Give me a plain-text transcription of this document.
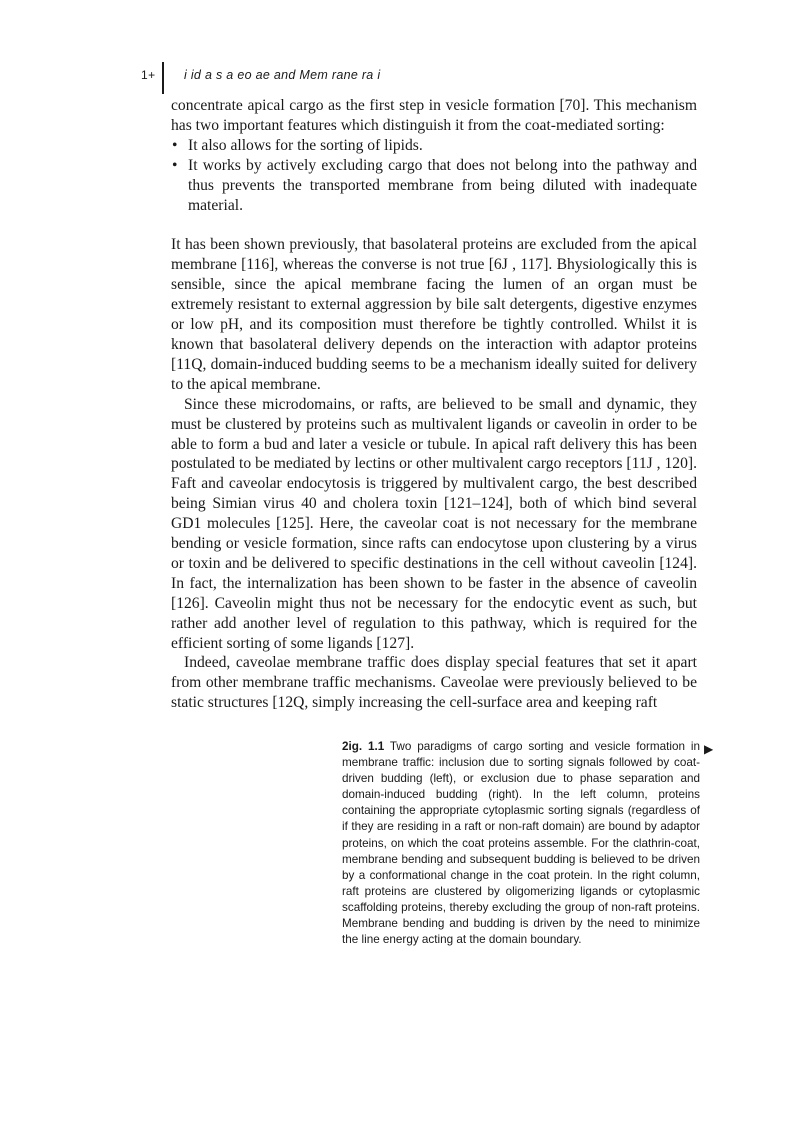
1+ i id a s a eo ae and Mem rane ra i

concentrate apical cargo as the first step in vesicle formation [70]. This mechanism has two important features which distinguish it from the coat-mediated sorting:

• It also allows for the sorting of lipids.
• It works by actively excluding cargo that does not belong into the pathway and thus prevents the transported membrane from being diluted with inadequate material.

It has been shown previously, that basolateral proteins are excluded from the apical membrane [116], whereas the converse is not true [6J , 117]. Bhysiologically this is sensible, since the apical membrane facing the lumen of an organ must be extremely resistant to external aggression by bile salt detergents, digestive enzymes or low pH, and its composition must therefore be tightly controlled. Whilst it is known that basolateral delivery depends on the interaction with adaptor proteins [11Q, domain-induced budding seems to be a mechanism ideally suited for delivery to the apical membrane.

Since these microdomains, or rafts, are believed to be small and dynamic, they must be clustered by proteins such as multivalent ligands or caveolin in order to be able to form a bud and later a vesicle or tubule. In apical raft delivery this has been postulated to be mediated by lectins or other multivalent cargo receptors [11J , 120]. Faft and caveolar endocytosis is triggered by multivalent cargo, the best described being Simian virus 40 and cholera toxin [121–124], both of which bind several GD1 molecules [125]. Here, the caveolar coat is not necessary for the membrane bending or vesicle formation, since rafts can endocytose upon clustering by a virus or toxin and be delivered to specific destinations in the cell without caveolin [124]. In fact, the internalization has been shown to be faster in the absence of caveolin [126]. Caveolin might thus not be necessary for the endocytic event as such, but rather add another level of regulation to this pathway, which is required for the efficient sorting of some ligands [127].

Indeed, caveolae membrane traffic does display special features that set it apart from other membrane traffic mechanisms. Caveolae were previously believed to be static structures [12Q, simply increasing the cell-surface area and keeping raft

2ig. 1.1 Two paradigms of cargo sorting and vesicle formation in membrane traffic: inclusion due to sorting signals followed by coat-driven budding (left), or exclusion due to phase separation and domain-induced budding (right). In the left column, proteins containing the appropriate cytoplasmic sorting signals (regardless of if they are residing in a raft or non-raft domain) are bound by adaptor proteins, on which the coat proteins assemble. For the clathrin-coat, membrane bending and subsequent budding is believed to be driven by a conformational change in the coat protein. In the right column, raft proteins are clustered by oligomerizing ligands or cytoplasmic scaffolding proteins, thereby excluding the group of non-raft proteins. Membrane bending and budding is driven by the need to minimize the line energy acting at the domain boundary.
▶
